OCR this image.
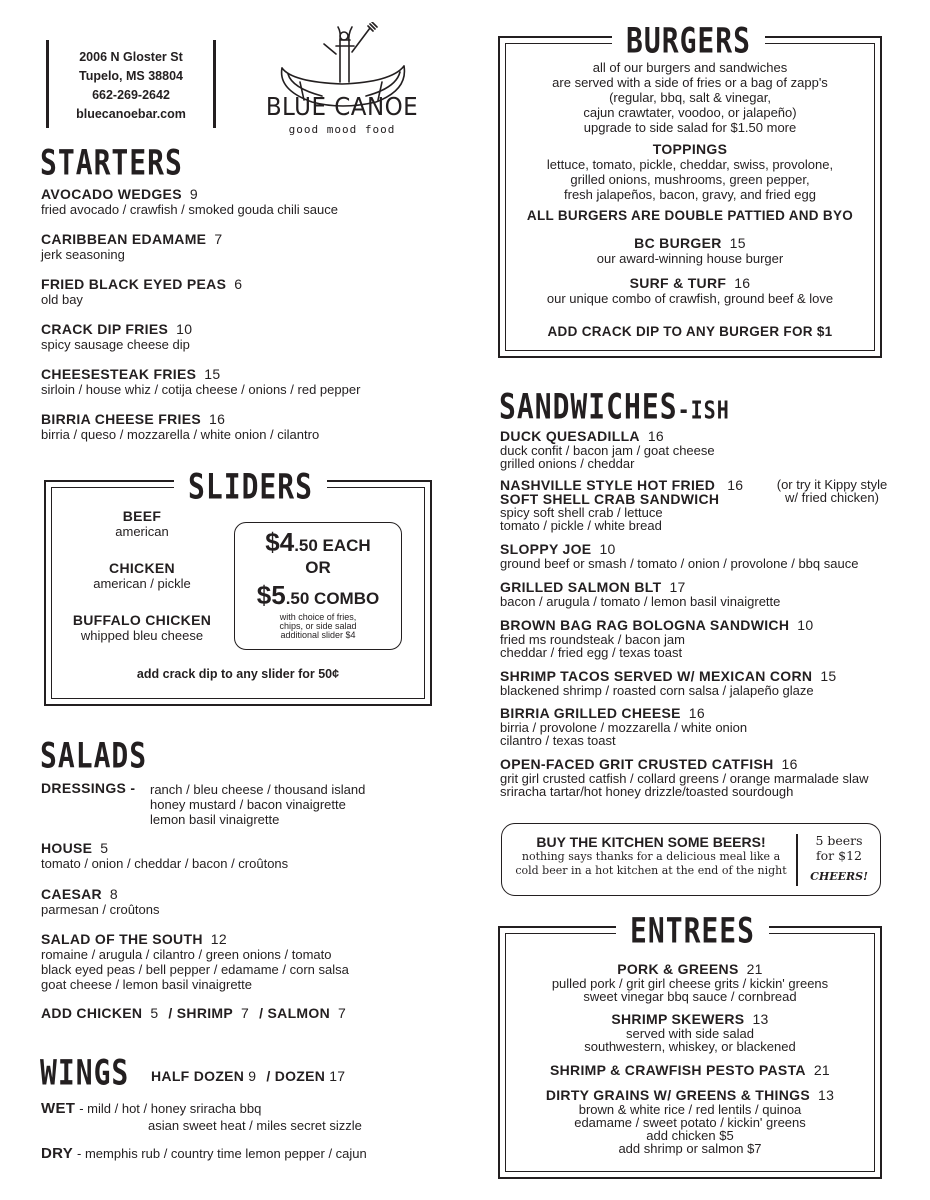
2006 N Gloster St
Tupelo, MS 38804
662-269-2642
bluecanoebar.com	BLUE CANOE
good mood food
STARTERS
AVOCADO WEDGES 9
fried avocado / crawfish / smoked gouda chili sauce
CARIBBEAN EDAMAME 7
jerk seasoning
FRIED BLACK EYED PEAS 6
old bay
CRACK DIP FRIES 10
spicy sausage cheese dip
CHEESESTEAK FRIES 15
sirloin / house whiz / cotija cheese / onions / red pepper
BIRRIA CHEESE FRIES 16
birria / queso / mozzarella / white onion / cilantro
SLIDERS
BEEF
american
CHICKEN
american / pickle
BUFFALO CHICKEN
whipped bleu cheese
$4.50 EACH
OR
$5.50 COMBO
with choice of fries,
chips, or side salad
additional slider $4
add crack dip to any slider for 50¢
SALADS
DRESSINGS - ranch / bleu cheese / thousand island
honey mustard / bacon vinaigrette
lemon basil vinaigrette
HOUSE 5
tomato / onion / cheddar / bacon / croûtons
CAESAR 8
parmesan / croûtons
SALAD OF THE SOUTH 12
romaine / arugula / cilantro / green onions / tomato
black eyed peas / bell pepper / edamame / corn salsa
goat cheese / lemon basil vinaigrette
ADD CHICKEN 5 / SHRIMP 7 / SALMON 7
WINGS HALF DOZEN 9 / DOZEN 17
WET - mild / hot / honey sriracha bbq
asian sweet heat / miles secret sizzle
DRY - memphis rub / country time lemon pepper / cajun
BURGERS
all of our burgers and sandwiches
are served with a side of fries or a bag of zapp's
(regular, bbq, salt & vinegar,
cajun crawtater, voodoo, or jalapeño)
upgrade to side salad for $1.50 more
TOPPINGS
lettuce, tomato, pickle, cheddar, swiss, provolone,
grilled onions, mushrooms, green pepper,
fresh jalapeños, bacon, gravy, and fried egg
ALL BURGERS ARE DOUBLE PATTIED AND BYO
BC BURGER 15
our award-winning house burger
SURF & TURF 16
our unique combo of crawfish, ground beef & love
ADD CRACK DIP TO ANY BURGER FOR $1
SANDWICHES-ISH
DUCK QUESADILLA 16
duck confit / bacon jam / goat cheese
grilled onions / cheddar
NASHVILLE STYLE HOT FRIED 16
SOFT SHELL CRAB SANDWICH
spicy soft shell crab / lettuce
tomato / pickle / white bread
(or try it Kippy style
w/ fried chicken)
SLOPPY JOE 10
ground beef or smash / tomato / onion / provolone / bbq sauce
GRILLED SALMON BLT 17
bacon / arugula / tomato / lemon basil vinaigrette
BROWN BAG RAG BOLOGNA SANDWICH 10
fried ms roundsteak / bacon jam
cheddar / fried egg / texas toast
SHRIMP TACOS SERVED W/ MEXICAN CORN 15
blackened shrimp / roasted corn salsa / jalapeño glaze
BIRRIA GRILLED CHEESE 16
birria / provolone / mozzarella / white onion
cilantro / texas toast
OPEN-FACED GRIT CRUSTED CATFISH 16
grit girl crusted catfish / collard greens / orange marmalade slaw
sriracha tartar/hot honey drizzle/toasted sourdough
BUY THE KITCHEN SOME BEERS!
nothing says thanks for a delicious meal like a
cold beer in a hot kitchen at the end of the night
5 beers
for $12
CHEERS!
ENTREES
PORK & GREENS 21
pulled pork / grit girl cheese grits / kickin' greens
sweet vinegar bbq sauce / cornbread
SHRIMP SKEWERS 13
served with side salad
southwestern, whiskey, or blackened
SHRIMP & CRAWFISH PESTO PASTA 21
DIRTY GRAINS W/ GREENS & THINGS 13
brown & white rice / red lentils / quinoa
edamame / sweet potato / kickin' greens
add chicken $5
add shrimp or salmon $7
